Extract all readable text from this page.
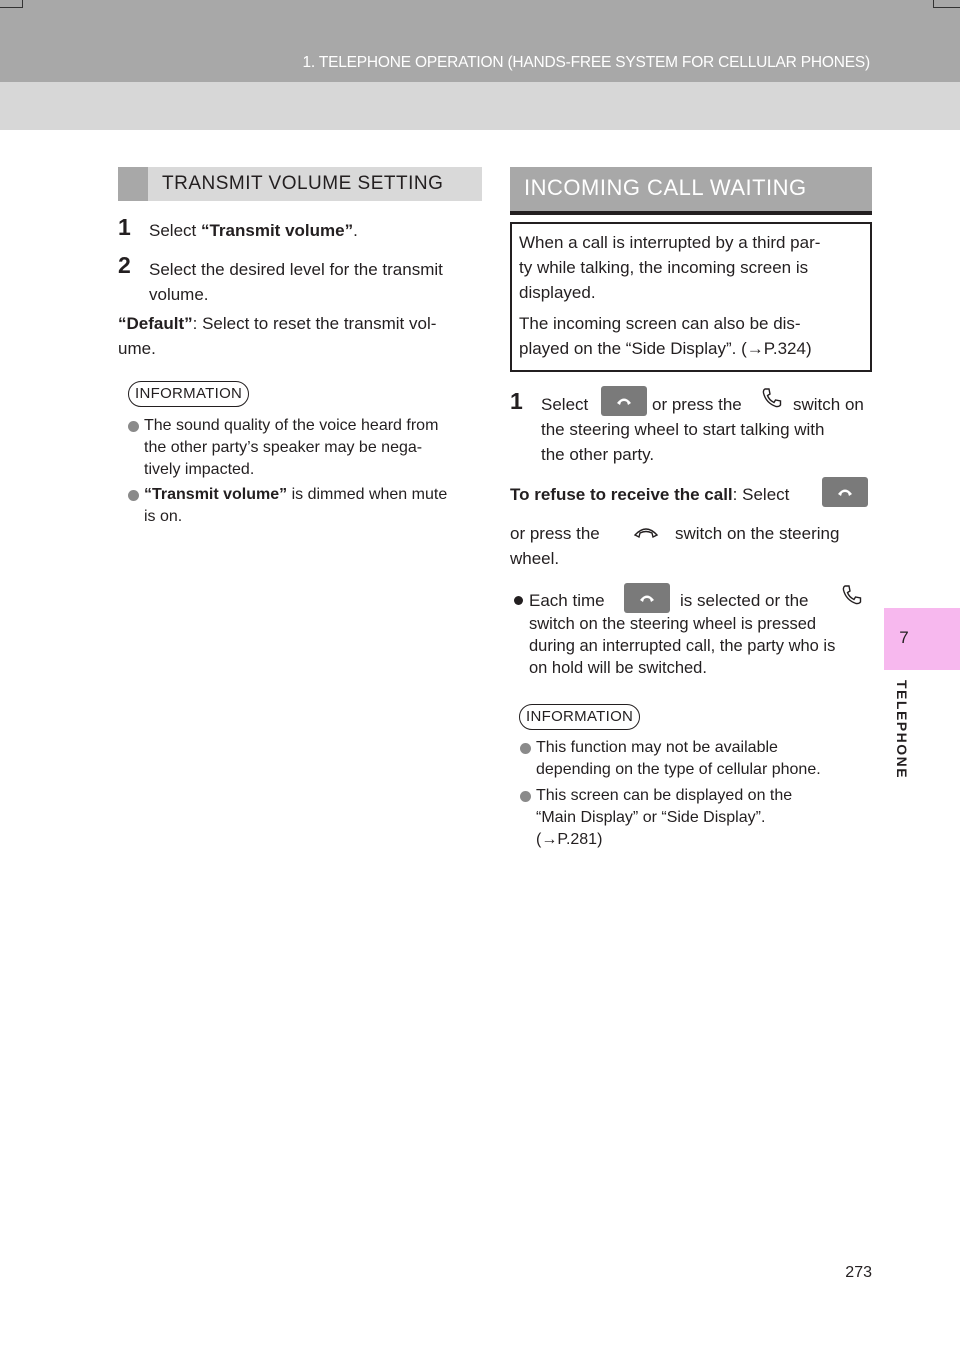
1. TELEPHONE OPERATION (HANDS-FREE SYSTEM FOR CELLULAR PHONES)
7
TELEPHONE
TRANSMIT VOLUME SETTING
1 Select “Transmit volume”.
2 Select the desired level for the transmit
volume.
“Default”: Select to reset the transmit vol-
ume.
INFORMATION
The sound quality of the voice heard from
the other party’s speaker may be nega-
tively impacted.
“Transmit volume” is dimmed when mute
is on.
INCOMING CALL WAITING
When a call is interrupted by a third par-
ty while talking, the incoming screen is
displayed.
The incoming screen can also be dis-
played on the “Side Display”. (→P.324)
1 Select	or press the	switch on
the steering wheel to start talking with
the other party.
To refuse to receive the call: Select
or press the	switch on the steering
wheel.
Each time	is selected or the
switch on the steering wheel is pressed
during an interrupted call, the party who is
on hold will be switched.
INFORMATION
This function may not be available
depending on the type of cellular phone.
This screen can be displayed on the
“Main Display” or “Side Display”.
(→P.281)
273
